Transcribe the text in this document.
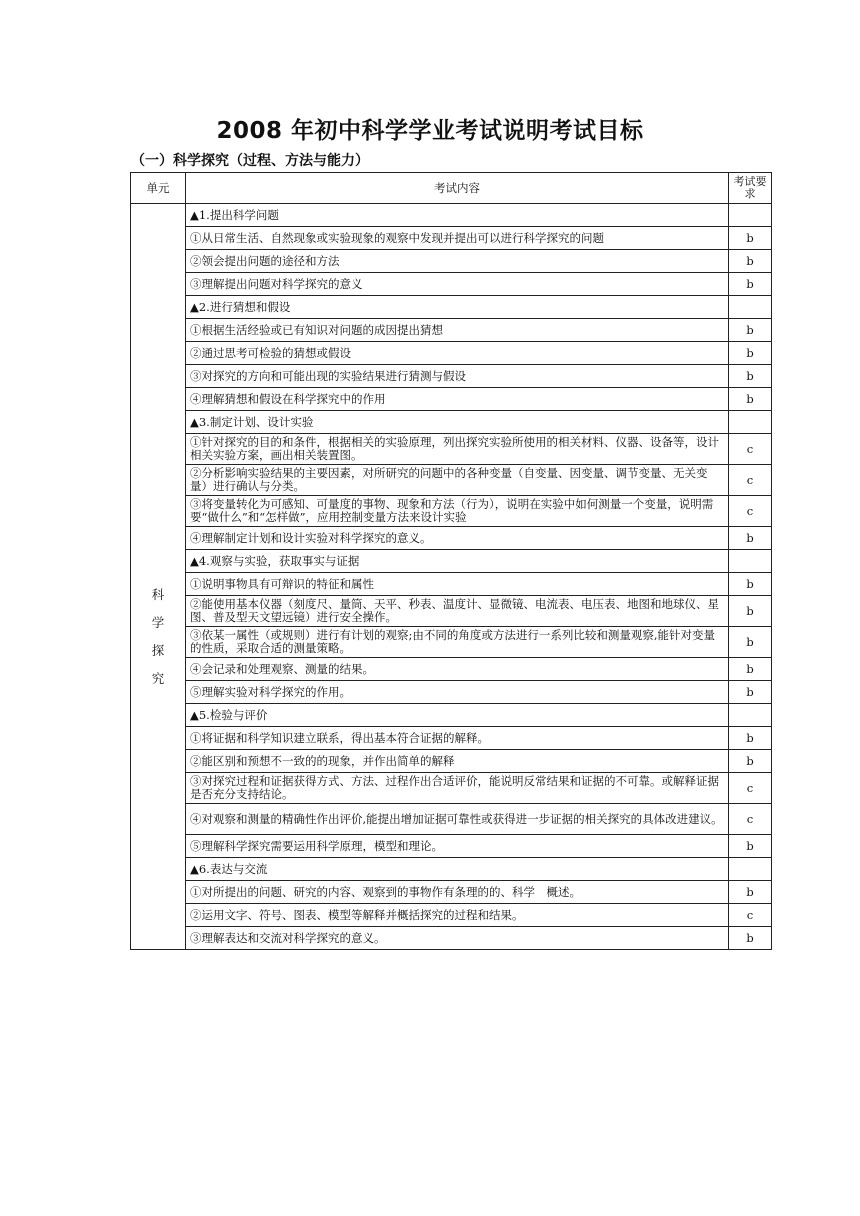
2008 年初中科学学业考试说明考试目标
（一）科学探究（过程、方法与能力）
单元	考试内容	考试要求

科
学
探
究	▲1.提出科学问题	
	①从日常生活、自然现象或实验现象的观察中发现并提出可以进行科学探究的问题	b
	②领会提出问题的途径和方法	b
	③理解提出问题对科学探究的意义	b
	▲2.进行猜想和假设	
	①根据生活经验或已有知识对问题的成因提出猜想	b
	②通过思考可检验的猜想或假设	b
	③对探究的方向和可能出现的实验结果进行猜测与假设	b
	④理解猜想和假设在科学探究中的作用	b
	▲3.制定计划、设计实验	
	①针对探究的目的和条件，根据相关的实验原理，列出探究实验所使用的相关材料、仪器、设备等，设计相关实验方案，画出相关装置图。	c
	②分析影响实验结果的主要因素，对所研究的问题中的各种变量（自变量、因变量、调节变量、无关变量）进行确认与分类。	c
	③将变量转化为可感知、可量度的事物、现象和方法（行为），说明在实验中如何测量一个变量，说明需要“做什么”和“怎样做”，应用控制变量方法来设计实验	c
	④理解制定计划和设计实验对科学探究的意义。	b
	▲4.观察与实验，获取事实与证据	
	①说明事物具有可辩识的特征和属性	b
	②能使用基本仪器（刻度尺、量筒、天平、秒表、温度计、显微镜、电流表、电压表、地图和地球仪、星图、普及型天文望远镜）进行安全操作。	b
	③依某一属性（或规则）进行有计划的观察;由不同的角度或方法进行一系列比较和测量观察,能针对变量的性质，采取合适的测量策略。	b
	④会记录和处理观察、测量的结果。	b
	⑤理解实验对科学探究的作用。	b
	▲5.检验与评价	
	①将证据和科学知识建立联系，得出基本符合证据的解释。	b
	②能区别和预想不一致的的现象，并作出简单的解释	b
	③对探究过程和证据获得方式、方法、过程作出合适评价，能说明反常结果和证据的不可靠。或解释证据是否充分支持结论。	c
	④对观察和测量的精确性作出评价,能提出增加证据可靠性或获得进一步证据的相关探究的具体改进建议。	c
	⑤理解科学探究需要运用科学原理，模型和理论。	b
	▲6.表达与交流	
	①对所提出的问题、研究的内容、观察到的事物作有条理的的、科学　概述。	b
	②运用文字、符号、图表、模型等解释并概括探究的过程和结果。	c
	③理解表达和交流对科学探究的意义。	b
